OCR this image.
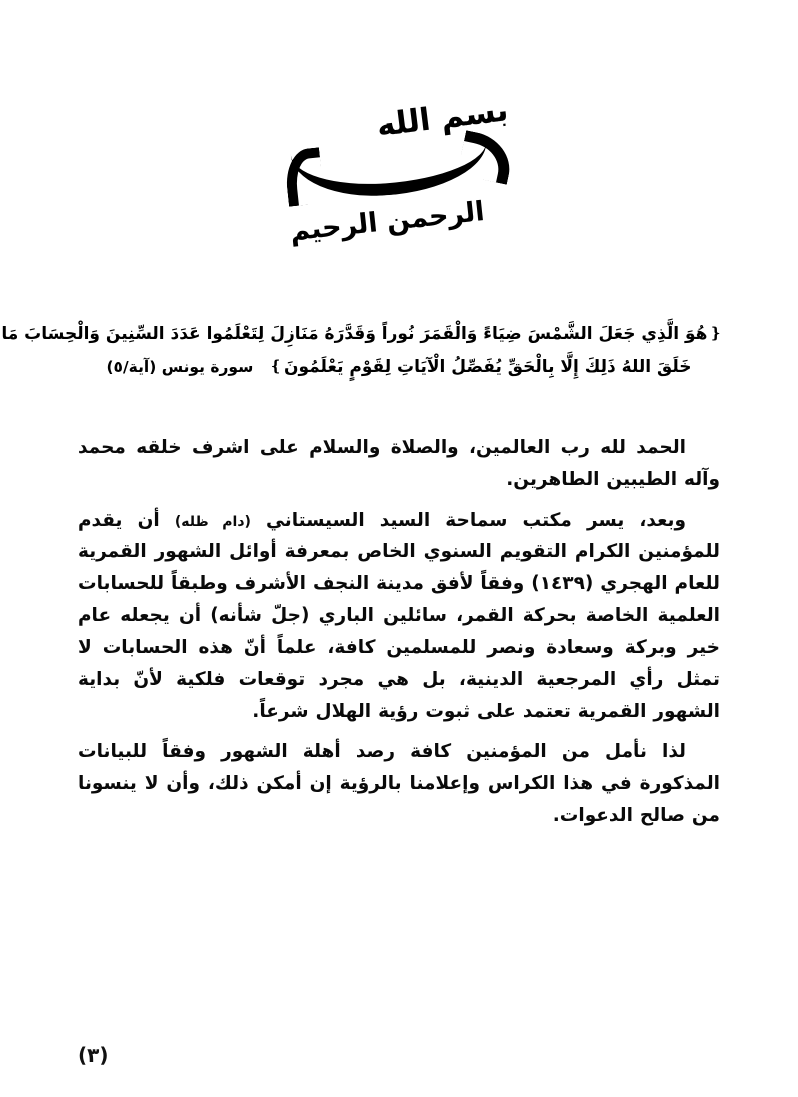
بسم الله
الرحمن الرحيم
❴هُوَ الَّذِي جَعَلَ الشَّمْسَ ضِيَاءً وَالْقَمَرَ نُوراً وَقَدَّرَهُ مَنَازِلَ لِتَعْلَمُوا عَدَدَ السِّنِينَ وَالْحِسَابَ مَا
خَلَقَ اللهُ ذَلِكَ إِلَّا بِالْحَقِّ يُفَصِّلُ الْآيَاتِ لِقَوْمٍ يَعْلَمُونَ❵سورة يونس (آية/٥)

الحمد لله رب العالمين، والصلاة والسلام على اشرف خلقه محمد وآله الطيبين الطاهرين.

وبعد، يسر مكتب سماحة السيد السيستاني (دام ظله) أن يقدم للمؤمنين الكرام التقويم السنوي الخاص بمعرفة أوائل الشهور القمرية للعام الهجري (١٤٣٩) وفقاً لأفق مدينة النجف الأشرف وطبقاً للحسابات العلمية الخاصة بحركة القمر، سائلين الباري (جلّ شأنه) أن يجعله عام خير وبركة وسعادة ونصر للمسلمين كافة، علماً أنّ هذه الحسابات لا تمثل رأي المرجعية الدينية، بل هي مجرد توقعات فلكية لأنّ بداية الشهور القمرية تعتمد على ثبوت رؤية الهلال شرعاً.

لذا نأمل من المؤمنين كافة رصد أهلة الشهور وفقاً للبيانات المذكورة في هذا الكراس وإعلامنا بالرؤية إن أمكن ذلك، وأن لا ينسونا من صالح الدعوات.

(٣)
